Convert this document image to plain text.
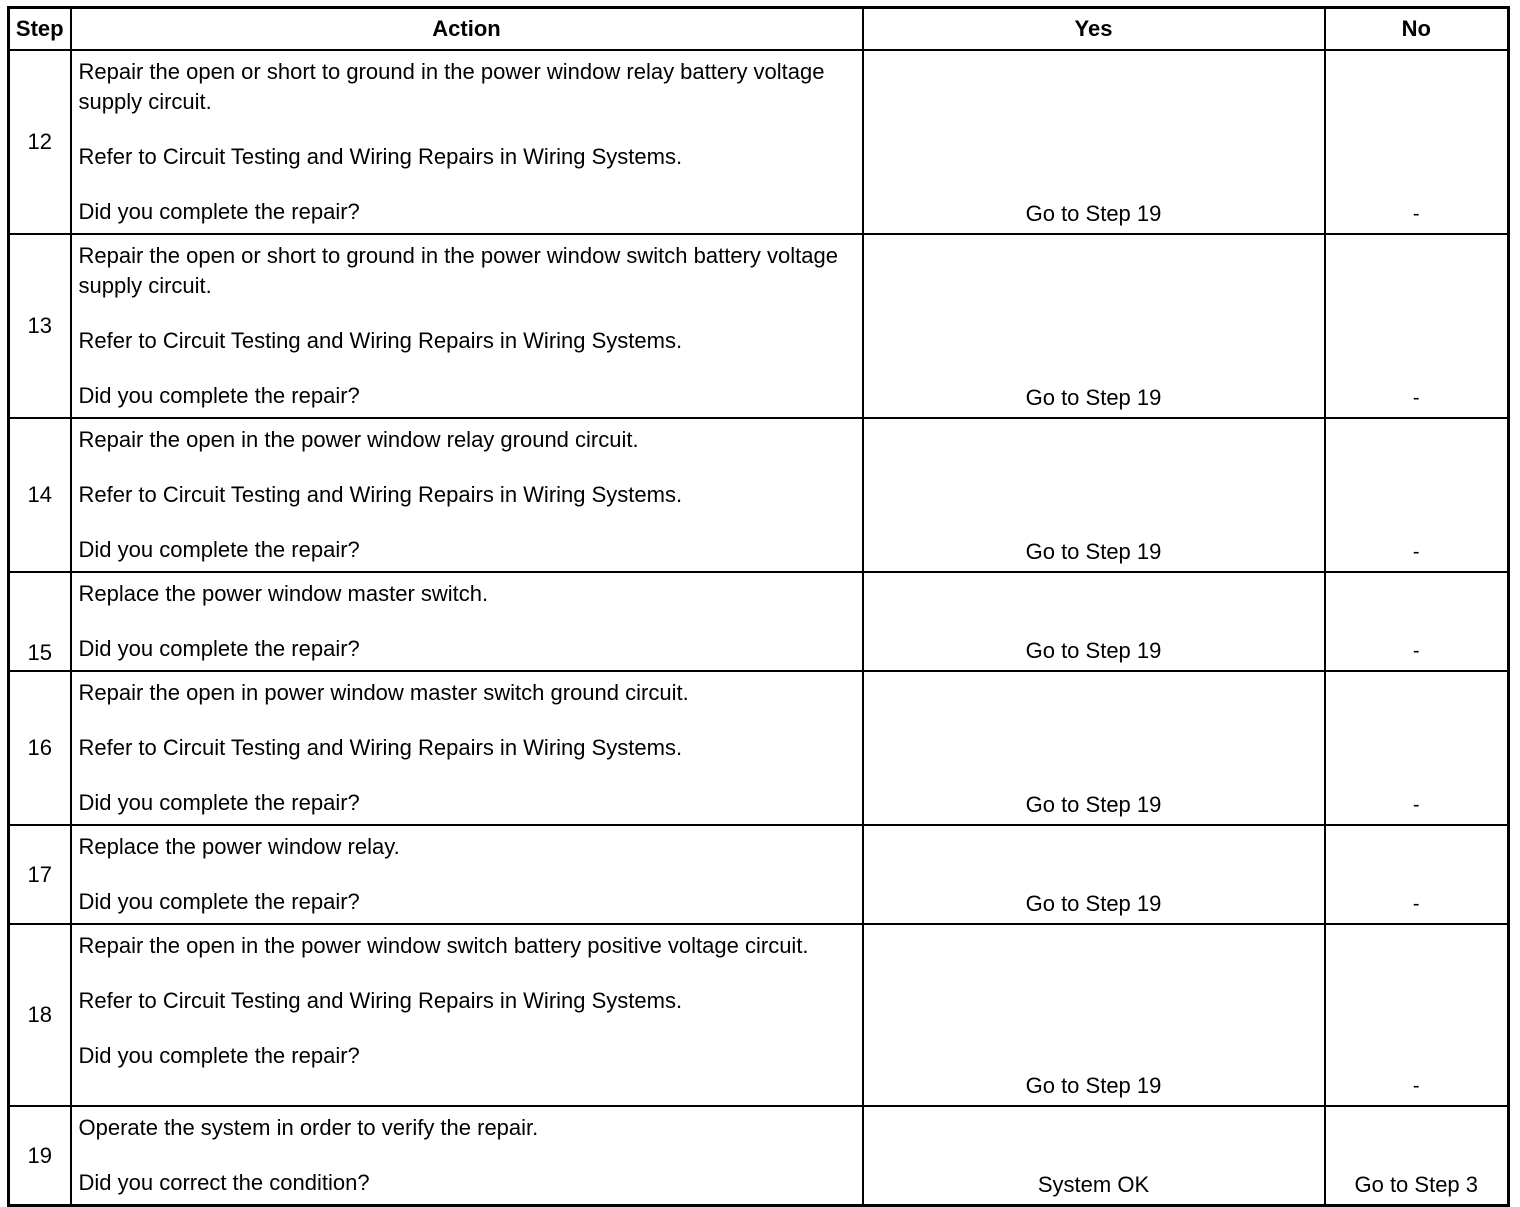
Step	Action	Yes	No
12	Repair the open or short to ground in the power window relay battery voltage supply circuit.

Refer to Circuit Testing and Wiring Repairs in Wiring Systems.

Did you complete the repair?	Go to Step 19	-
13	Repair the open or short to ground in the power window switch battery voltage supply circuit.

Refer to Circuit Testing and Wiring Repairs in Wiring Systems.

Did you complete the repair?	Go to Step 19	-
14	Repair the open in the power window relay ground circuit.

Refer to Circuit Testing and Wiring Repairs in Wiring Systems.

Did you complete the repair?	Go to Step 19	-
15	Replace the power window master switch.

Did you complete the repair?	Go to Step 19	-
16	Repair the open in power window master switch ground circuit.

Refer to Circuit Testing and Wiring Repairs in Wiring Systems.

Did you complete the repair?	Go to Step 19	-
17	Replace the power window relay.

Did you complete the repair?	Go to Step 19	-
18	Repair the open in the power window switch battery positive voltage circuit.

Refer to Circuit Testing and Wiring Repairs in Wiring Systems.

Did you complete the repair?	Go to Step 19	-
19	Operate the system in order to verify the repair.

Did you correct the condition?	System OK	Go to Step 3
